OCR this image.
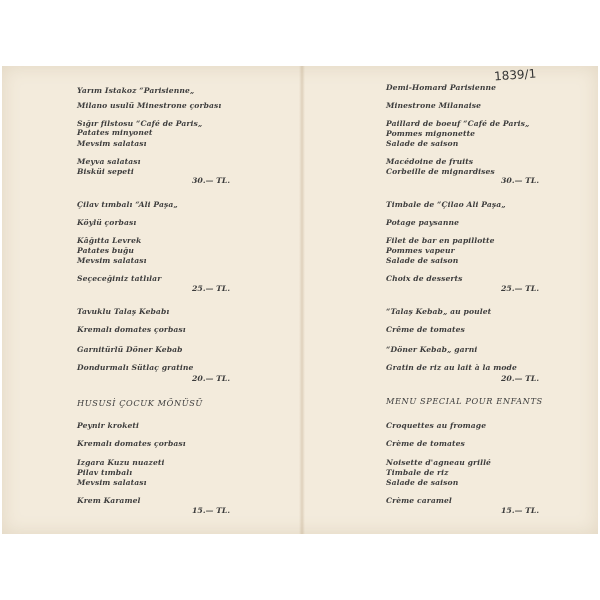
1839/1
Yarım Istakoz “Parisienne„
Milano usulü Minestrone çorbası
Sığır filstosu “Café de Paris„
Patates minyonet
Mevsim salatası
Meyva salatası
Bisküi sepeti
30.— TL.
Çilav tımbalı “Ali Paşa„
Köylü çorbası
Kâğıtta Levrek
Patates buğu
Mevsim salatası
Seçeceğiniz tatlılar
25.— TL.
Tavuklu Talaş Kebabı
Kremalı domates çorbası
Garnitürlü Döner Kebab
Dondurmalı Sütlaç gratine
20.— TL.
HUSUSİ ÇOCUK MÖNÜSÜ
Peynir kroketi
Kremalı domates çorbası
Izgara Kuzu nuazeti
Pilav tımbalı
Mevsim salatası
Krem Karamel
15.— TL.
Demi-Homard Parisienne
Minestrone Milanaise
Paillard de boeuf “Café de Paris„
Pommes mignonette
Salade de saison
Macédoine de fruits
Corbeille de mignardises
30.— TL.
Timbale de “Çilao Ali Paşa„
Potage paysanne
Filet de bar en papillotte
Pommes vapeur
Salade de saison
Choix de desserts
25.— TL.
“Talaş Kebab„ au poulet
Crême de tomates
“Döner Kebab„ garni
Gratin de riz au lait à la mode
20.— TL.
MENU SPECIAL POUR ENFANTS
Croquettes au fromage
Crème de tomates
Noisette d'agneau grillé
Timbale de riz
Salade de saison
Crème caramel
15.— TL.
